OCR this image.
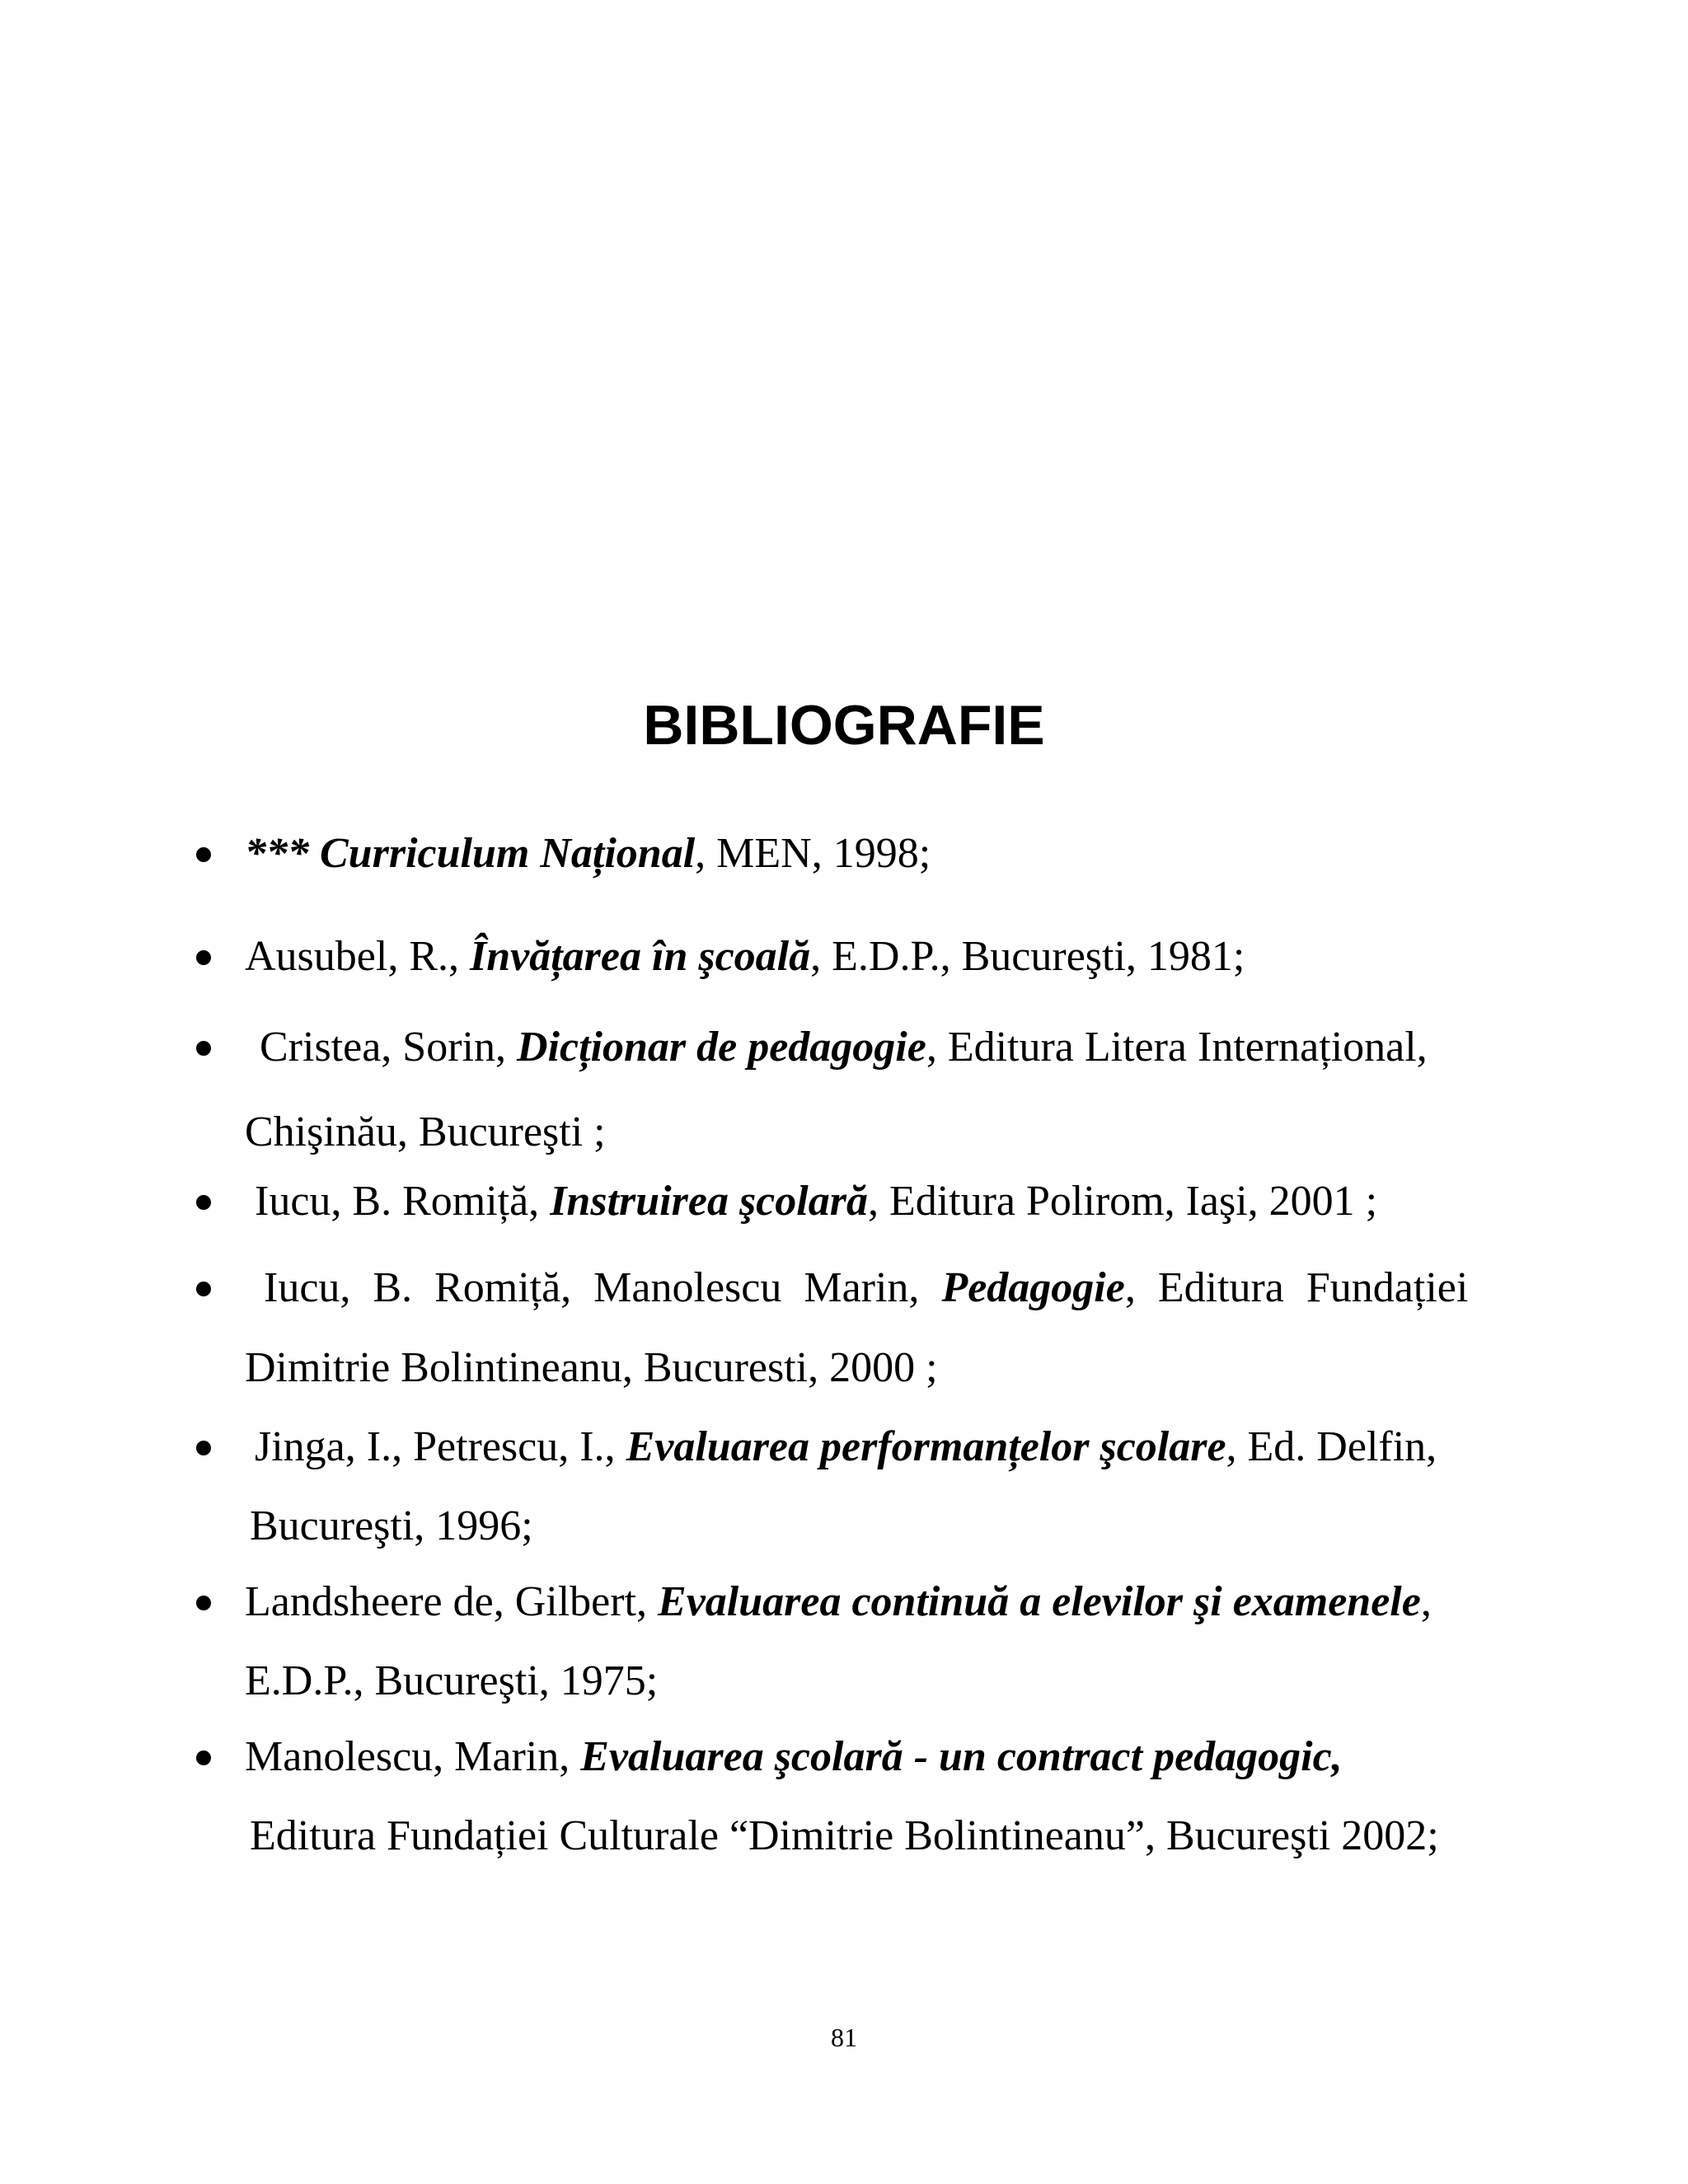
BIBLIOGRAFIE
*** Curriculum Național, MEN, 1998;
Ausubel, R., Învățarea în şcoală, E.D.P., Bucureşti, 1981;
Cristea, Sorin, Dicționar de pedagogie, Editura Litera Internațional,
Chişinău, Bucureşti ;
Iucu, B. Romiță, Instruirea şcolară, Editura Polirom, Iaşi, 2001 ;
Iucu, B. Romiță, Manolescu Marin, Pedagogie, Editura Fundației
Dimitrie Bolintineanu, Bucuresti, 2000 ;
Jinga, I., Petrescu, I., Evaluarea performanțelor şcolare, Ed. Delfin,
Bucureşti, 1996;
Landsheere de, Gilbert, Evaluarea continuă a elevilor şi examenele,
E.D.P., Bucureşti, 1975;
Manolescu, Marin, Evaluarea şcolară - un contract pedagogic,
Editura Fundației Culturale “Dimitrie Bolintineanu”, Bucureşti 2002;
81
